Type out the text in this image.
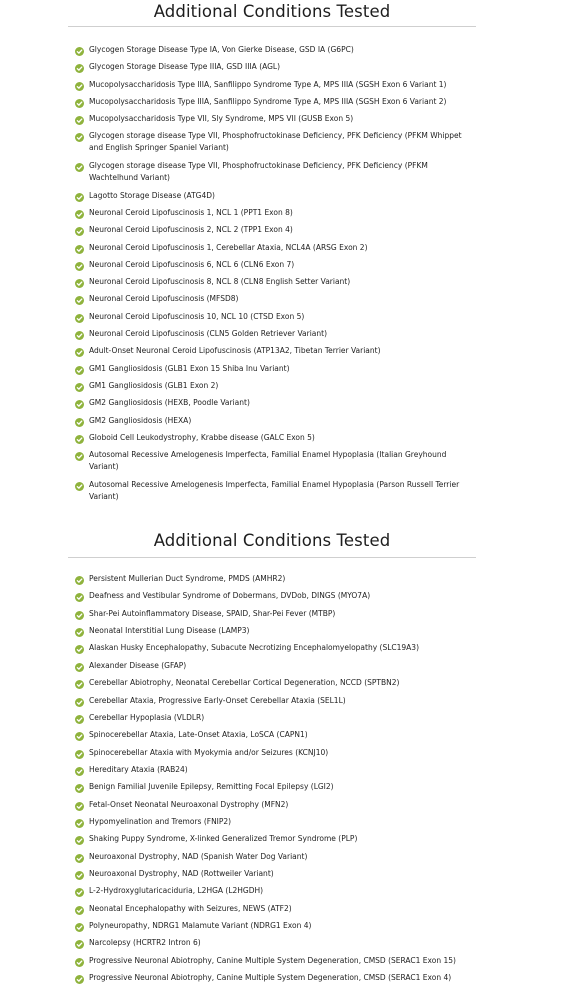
Additional Conditions Tested
Glycogen Storage Disease Type IA, Von Gierke Disease, GSD IA (G6PC)
Glycogen Storage Disease Type IIIA, GSD IIIA (AGL)
Mucopolysaccharidosis Type IIIA, Sanfilippo Syndrome Type A, MPS IIIA (SGSH Exon 6 Variant 1)
Mucopolysaccharidosis Type IIIA, Sanfilippo Syndrome Type A, MPS IIIA (SGSH Exon 6 Variant 2)
Mucopolysaccharidosis Type VII, Sly Syndrome, MPS VII (GUSB Exon 5)
Glycogen storage disease Type VII, Phosphofructokinase Deficiency, PFK Deficiency (PFKM Whippet and English Springer Spaniel Variant)
Glycogen storage disease Type VII, Phosphofructokinase Deficiency, PFK Deficiency (PFKM Wachtelhund Variant)
Lagotto Storage Disease (ATG4D)
Neuronal Ceroid Lipofuscinosis 1, NCL 1 (PPT1 Exon 8)
Neuronal Ceroid Lipofuscinosis 2, NCL 2 (TPP1 Exon 4)
Neuronal Ceroid Lipofuscinosis 1, Cerebellar Ataxia, NCL4A (ARSG Exon 2)
Neuronal Ceroid Lipofuscinosis 6, NCL 6 (CLN6 Exon 7)
Neuronal Ceroid Lipofuscinosis 8, NCL 8 (CLN8 English Setter Variant)
Neuronal Ceroid Lipofuscinosis (MFSD8)
Neuronal Ceroid Lipofuscinosis 10, NCL 10 (CTSD Exon 5)
Neuronal Ceroid Lipofuscinosis (CLN5 Golden Retriever Variant)
Adult-Onset Neuronal Ceroid Lipofuscinosis (ATP13A2, Tibetan Terrier Variant)
GM1 Gangliosidosis (GLB1 Exon 15 Shiba Inu Variant)
GM1 Gangliosidosis (GLB1 Exon 2)
GM2 Gangliosidosis (HEXB, Poodle Variant)
GM2 Gangliosidosis (HEXA)
Globoid Cell Leukodystrophy, Krabbe disease (GALC Exon 5)
Autosomal Recessive Amelogenesis Imperfecta, Familial Enamel Hypoplasia (Italian Greyhound Variant)
Autosomal Recessive Amelogenesis Imperfecta, Familial Enamel Hypoplasia (Parson Russell Terrier Variant)
Additional Conditions Tested
Persistent Mullerian Duct Syndrome, PMDS (AMHR2)
Deafness and Vestibular Syndrome of Dobermans, DVDob, DINGS (MYO7A)
Shar-Pei Autoinflammatory Disease, SPAID, Shar-Pei Fever (MTBP)
Neonatal Interstitial Lung Disease (LAMP3)
Alaskan Husky Encephalopathy, Subacute Necrotizing Encephalomyelopathy (SLC19A3)
Alexander Disease (GFAP)
Cerebellar Abiotrophy, Neonatal Cerebellar Cortical Degeneration, NCCD (SPTBN2)
Cerebellar Ataxia, Progressive Early-Onset Cerebellar Ataxia (SEL1L)
Cerebellar Hypoplasia (VLDLR)
Spinocerebellar Ataxia, Late-Onset Ataxia, LoSCA (CAPN1)
Spinocerebellar Ataxia with Myokymia and/or Seizures (KCNJ10)
Hereditary Ataxia (RAB24)
Benign Familial Juvenile Epilepsy, Remitting Focal Epilepsy (LGI2)
Fetal-Onset Neonatal Neuroaxonal Dystrophy (MFN2)
Hypomyelination and Tremors (FNIP2)
Shaking Puppy Syndrome, X-linked Generalized Tremor Syndrome (PLP)
Neuroaxonal Dystrophy, NAD (Spanish Water Dog Variant)
Neuroaxonal Dystrophy, NAD (Rottweiler Variant)
L-2-Hydroxyglutaricaciduria, L2HGA (L2HGDH)
Neonatal Encephalopathy with Seizures, NEWS (ATF2)
Polyneuropathy, NDRG1 Malamute Variant (NDRG1 Exon 4)
Narcolepsy (HCRTR2 Intron 6)
Progressive Neuronal Abiotrophy, Canine Multiple System Degeneration, CMSD (SERAC1 Exon 15)
Progressive Neuronal Abiotrophy, Canine Multiple System Degeneration, CMSD (SERAC1 Exon 4)
